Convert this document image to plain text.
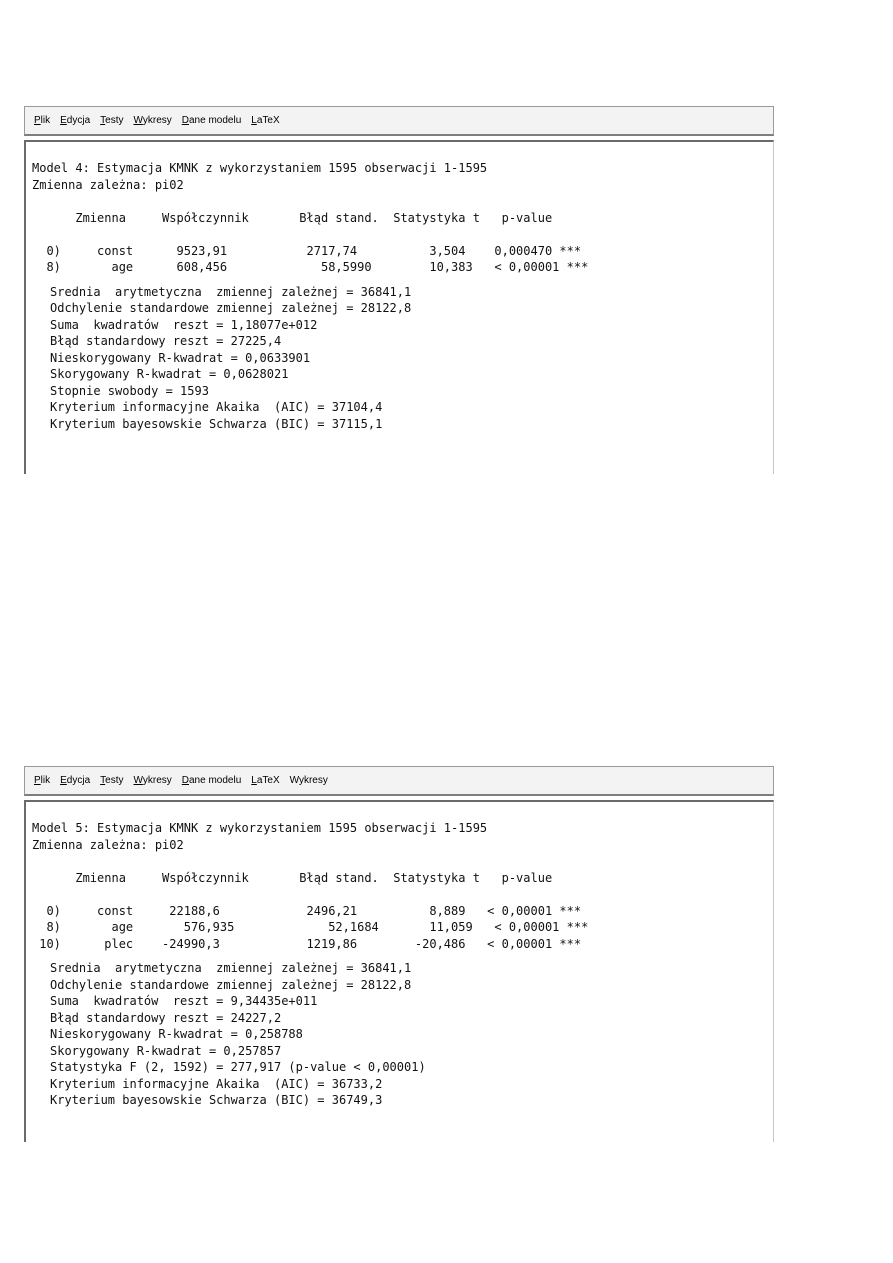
Plik Edycja Testy Wykresy Dane modelu LaTeX
Model 4: Estymacja KMNK z wykorzystaniem 1595 obserwacji 1-1595
Zmienna zależna: pi02
Zmienna     Współczynnik       Błąd stand.  Statystyka t   p-value
0)     const      9523,91           2717,74          3,504    0,000470 ***
8)       age      608,456             58,5990        10,383   < 0,00001 ***
Srednia  arytmetyczna  zmiennej zależnej = 36841,1
Odchylenie standardowe zmiennej zależnej = 28122,8
Suma  kwadratów  reszt = 1,18077e+012
Błąd standardowy reszt = 27225,4
Nieskorygowany R-kwadrat = 0,0633901
Skorygowany R-kwadrat = 0,0628021
Stopnie swobody = 1593
Kryterium informacyjne Akaika  (AIC) = 37104,4
Kryterium bayesowskie Schwarza (BIC) = 37115,1
Plik Edycja Testy Wykresy Dane modelu LaTeX Wykresy
Model 5: Estymacja KMNK z wykorzystaniem 1595 obserwacji 1-1595
Zmienna zależna: pi02
Zmienna     Współczynnik       Błąd stand.  Statystyka t   p-value
0)     const     22188,6            2496,21          8,889   < 0,00001 ***
8)       age       576,935             52,1684       11,059   < 0,00001 ***
10)      plec    -24990,3            1219,86        -20,486   < 0,00001 ***
Srednia  arytmetyczna  zmiennej zależnej = 36841,1
Odchylenie standardowe zmiennej zależnej = 28122,8
Suma  kwadratów  reszt = 9,34435e+011
Błąd standardowy reszt = 24227,2
Nieskorygowany R-kwadrat = 0,258788
Skorygowany R-kwadrat = 0,257857
Statystyka F (2, 1592) = 277,917 (p-value < 0,00001)
Kryterium informacyjne Akaika  (AIC) = 36733,2
Kryterium bayesowskie Schwarza (BIC) = 36749,3
